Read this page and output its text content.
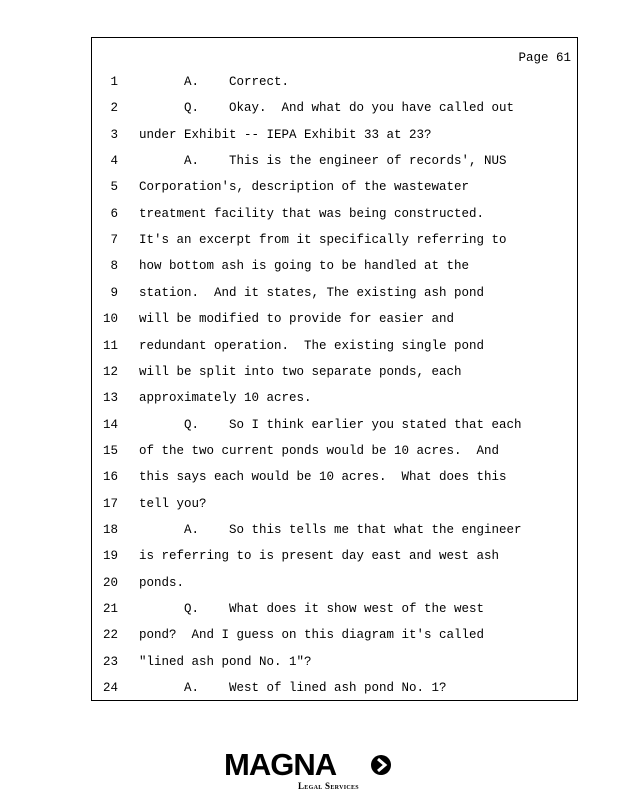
Page 61
1 A.    Correct.
2 Q.    Okay.  And what do you have called out
3 under Exhibit -- IEPA Exhibit 33 at 23?
4 A.    This is the engineer of records', NUS
5 Corporation's, description of the wastewater
6 treatment facility that was being constructed.
7 It's an excerpt from it specifically referring to
8 how bottom ash is going to be handled at the
9 station.  And it states, The existing ash pond
10 will be modified to provide for easier and
11 redundant operation.  The existing single pond
12 will be split into two separate ponds, each
13 approximately 10 acres.
14 Q.    So I think earlier you stated that each
15 of the two current ponds would be 10 acres.  And
16 this says each would be 10 acres.  What does this
17 tell you?
18 A.    So this tells me that what the engineer
19 is referring to is present day east and west ash
20 ponds.
21 Q.    What does it show west of the west
22 pond?  And I guess on this diagram it's called
23 "lined ash pond No. 1"?
24 A.    West of lined ash pond No. 1?
MAGNA
Legal Services
